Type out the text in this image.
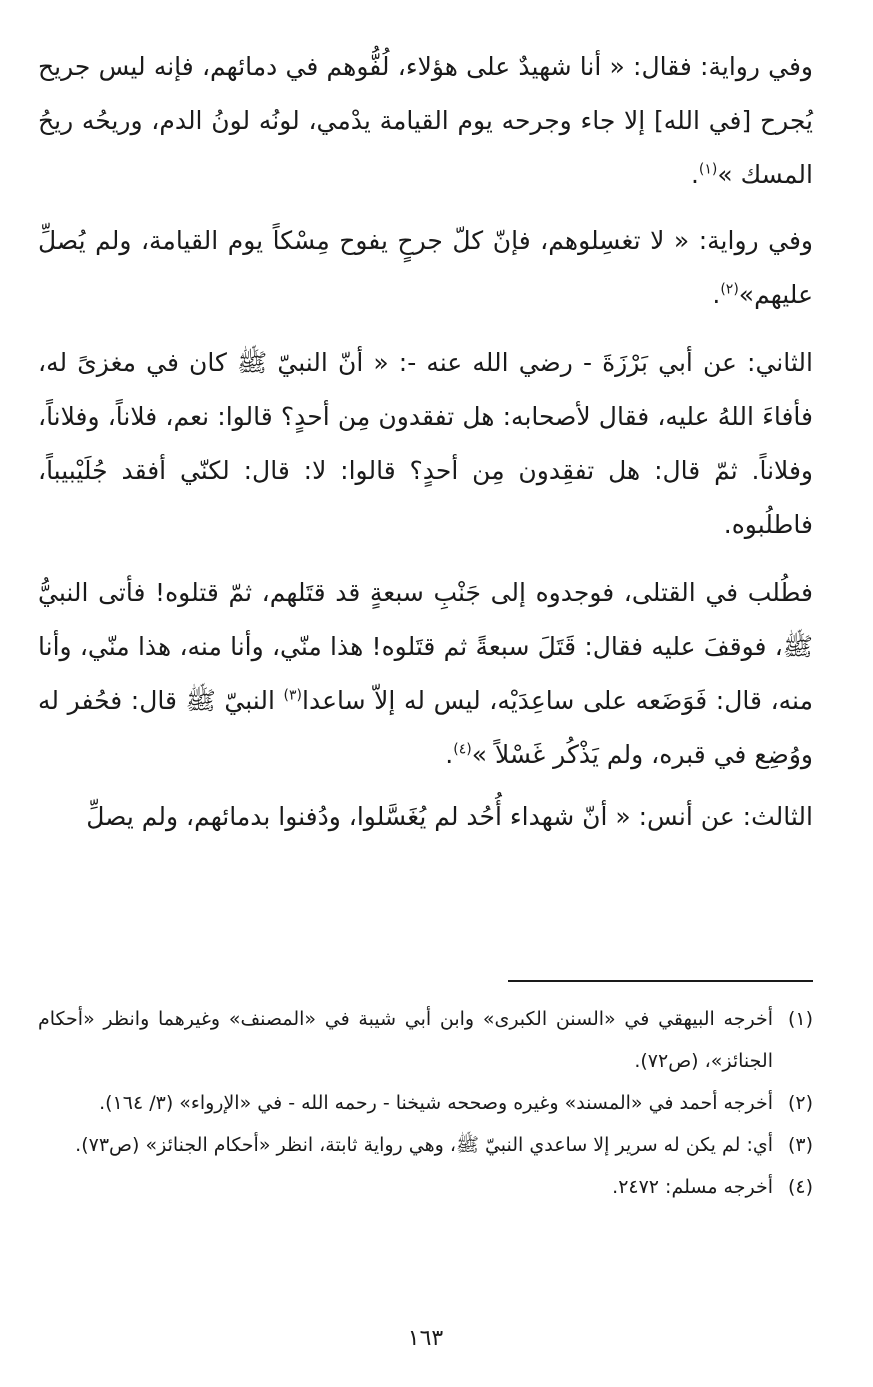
وفي رواية: فقال: « أنا شهيدٌ على هؤلاء، لُفُّوهم في دمائهم، فإنه ليس جريح يُجرح [في الله] إلا جاء وجرحه يوم القيامة يدْمي، لونُه لونُ الدم، وريحُه ريحُ المسك »$^{(١)}$.

وفي رواية: « لا تغسِلوهم، فإنّ كلّ جرحٍ يفوح مِسْكاً يوم القيامة، ولم يُصلِّ عليهم»$^{(٢)}$.

الثاني: عن أبي بَرْزَةَ - رضي الله عنه -: « أنّ النبيّ ﷺ كان في مغزىً له، فأفاءَ اللهُ عليه، فقال لأصحابه: هل تفقدون مِن أحدٍ؟ قالوا: نعم، فلاناً، وفلاناً، وفلاناً. ثمّ قال: هل تفقِدون مِن أحدٍ؟ قالوا: لا: قال: لكنّي أفقد جُلَيْبيباً، فاطلُبوه.

فطُلب في القتلى، فوجدوه إلى جَنْبِ سبعةٍ قد قتَلهم، ثمّ قتلوه! فأتى النبيُّ ﷺ، فوقفَ عليه فقال: قَتَلَ سبعةً ثم قتَلوه! هذا منّي، وأنا منه، هذا منّي، وأنا منه، قال: فَوَضَعه على ساعِدَيْه، ليس له إلاّ ساعدا$^{(٣)}$ النبيّ ﷺ قال: فحُفر له ووُضِع في قبره، ولم يَذْكُر غَسْلاً »$^{(٤)}$.

الثالث: عن أنس: « أنّ شهداء أُحُد لم يُغَسَّلوا، ودُفنوا بدمائهم، ولم يصلِّ

(١)أخرجه البيهقي في «السنن الكبرى» وابن أبي شيبة في «المصنف» وغيرهما وانظر «أحكام الجنائز»، (ص٧٢).

(٢)أخرجه أحمد في «المسند» وغيره وصححه شيخنا - رحمه الله - في «الإرواء» (٣/ ١٦٤).

(٣)أي: لم يكن له سرير إلا ساعدي النبيّ ﷺ، وهي رواية ثابتة، انظر «أحكام الجنائز» (ص٧٣).

(٤)أخرجه مسلم: ٢٤٧٢.

١٦٣
